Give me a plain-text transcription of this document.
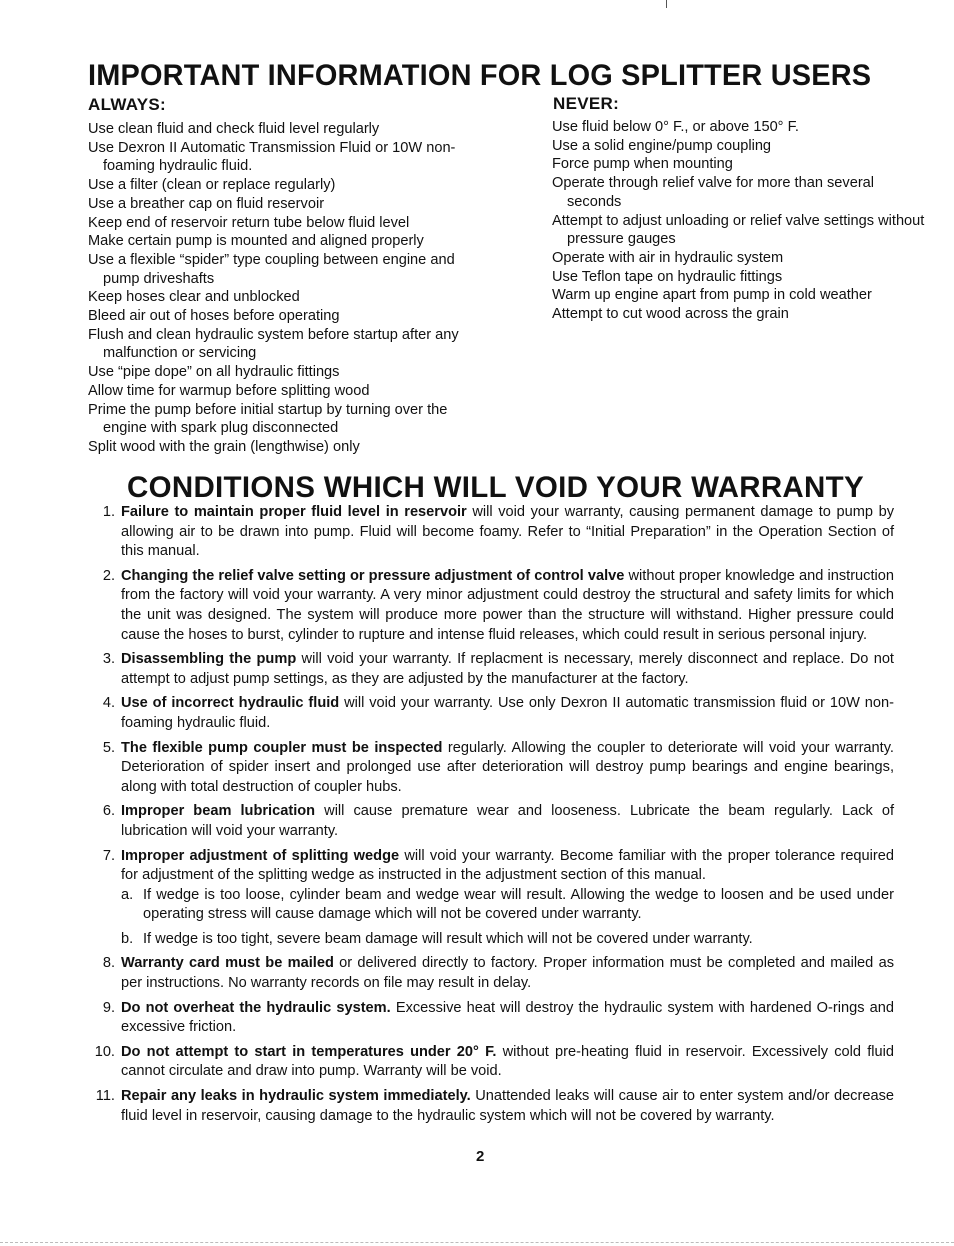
IMPORTANT INFORMATION FOR LOG SPLITTER USERS
ALWAYS:
Use clean fluid and check fluid level regularly
Use Dexron II Automatic Transmission Fluid or 10W non-foaming hydraulic fluid.
Use a filter (clean or replace regularly)
Use a breather cap on fluid reservoir
Keep end of reservoir return tube below fluid level
Make certain pump is mounted and aligned properly
Use a flexible “spider” type coupling between engine and pump driveshafts
Keep hoses clear and unblocked
Bleed air out of hoses before operating
Flush and clean hydraulic system before startup after any malfunction or servicing
Use “pipe dope” on all hydraulic fittings
Allow time for warmup before splitting wood
Prime the pump before initial startup by turning over the engine with spark plug disconnected
Split wood with the grain (lengthwise) only
NEVER:
Use fluid below 0° F., or above 150° F.
Use a solid engine/pump coupling
Force pump when mounting
Operate through relief valve for more than several seconds
Attempt to adjust unloading or relief valve settings without pressure gauges
Operate with air in hydraulic system
Use Teflon tape on hydraulic fittings
Warm up engine apart from pump in cold weather
Attempt to cut wood across the grain
CONDITIONS WHICH WILL VOID YOUR WARRANTY
1. Failure to maintain proper fluid level in reservoir will void your warranty, causing permanent damage to pump by allowing air to be drawn into pump. Fluid will become foamy. Refer to “Initial Preparation” in the Operation Section of this manual.
2. Changing the relief valve setting or pressure adjustment of control valve without proper knowledge and instruction from the factory will void your warranty. A very minor adjustment could destroy the structural and safety limits for which the unit was designed. The system will produce more power than the structure will withstand. Higher pressure could cause the hoses to burst, cylinder to rupture and intense fluid releases, which could result in serious personal injury.
3. Disassembling the pump will void your warranty. If replacment is necessary, merely disconnect and replace. Do not attempt to adjust pump settings, as they are adjusted by the manufacturer at the factory.
4. Use of incorrect hydraulic fluid will void your warranty. Use only Dexron II automatic transmission fluid or 10W non-foaming hydraulic fluid.
5. The flexible pump coupler must be inspected regularly. Allowing the coupler to deteriorate will void your warranty. Deterioration of spider insert and prolonged use after deterioration will destroy pump bearings and engine bearings, along with total destruction of coupler hubs.
6. Improper beam lubrication will cause premature wear and looseness. Lubricate the beam regularly. Lack of lubrication will void your warranty.
7. Improper adjustment of splitting wedge will void your warranty. Become familiar with the proper tolerance required for adjustment of the splitting wedge as instructed in the adjustment section of this manual.
a. If wedge is too loose, cylinder beam and wedge wear will result. Allowing the wedge to loosen and be used under operating stress will cause damage which will not be covered under warranty.
b. If wedge is too tight, severe beam damage will result which will not be covered under warranty.
8. Warranty card must be mailed or delivered directly to factory. Proper information must be completed and mailed as per instructions. No warranty records on file may result in delay.
9. Do not overheat the hydraulic system. Excessive heat will destroy the hydraulic system with hardened O-rings and excessive friction.
10. Do not attempt to start in temperatures under 20° F. without pre-heating fluid in reservoir. Excessively cold fluid cannot circulate and draw into pump. Warranty will be void.
11. Repair any leaks in hydraulic system immediately. Unattended leaks will cause air to enter system and/or decrease fluid level in reservoir, causing damage to the hydraulic system which will not be covered by warranty.

2
